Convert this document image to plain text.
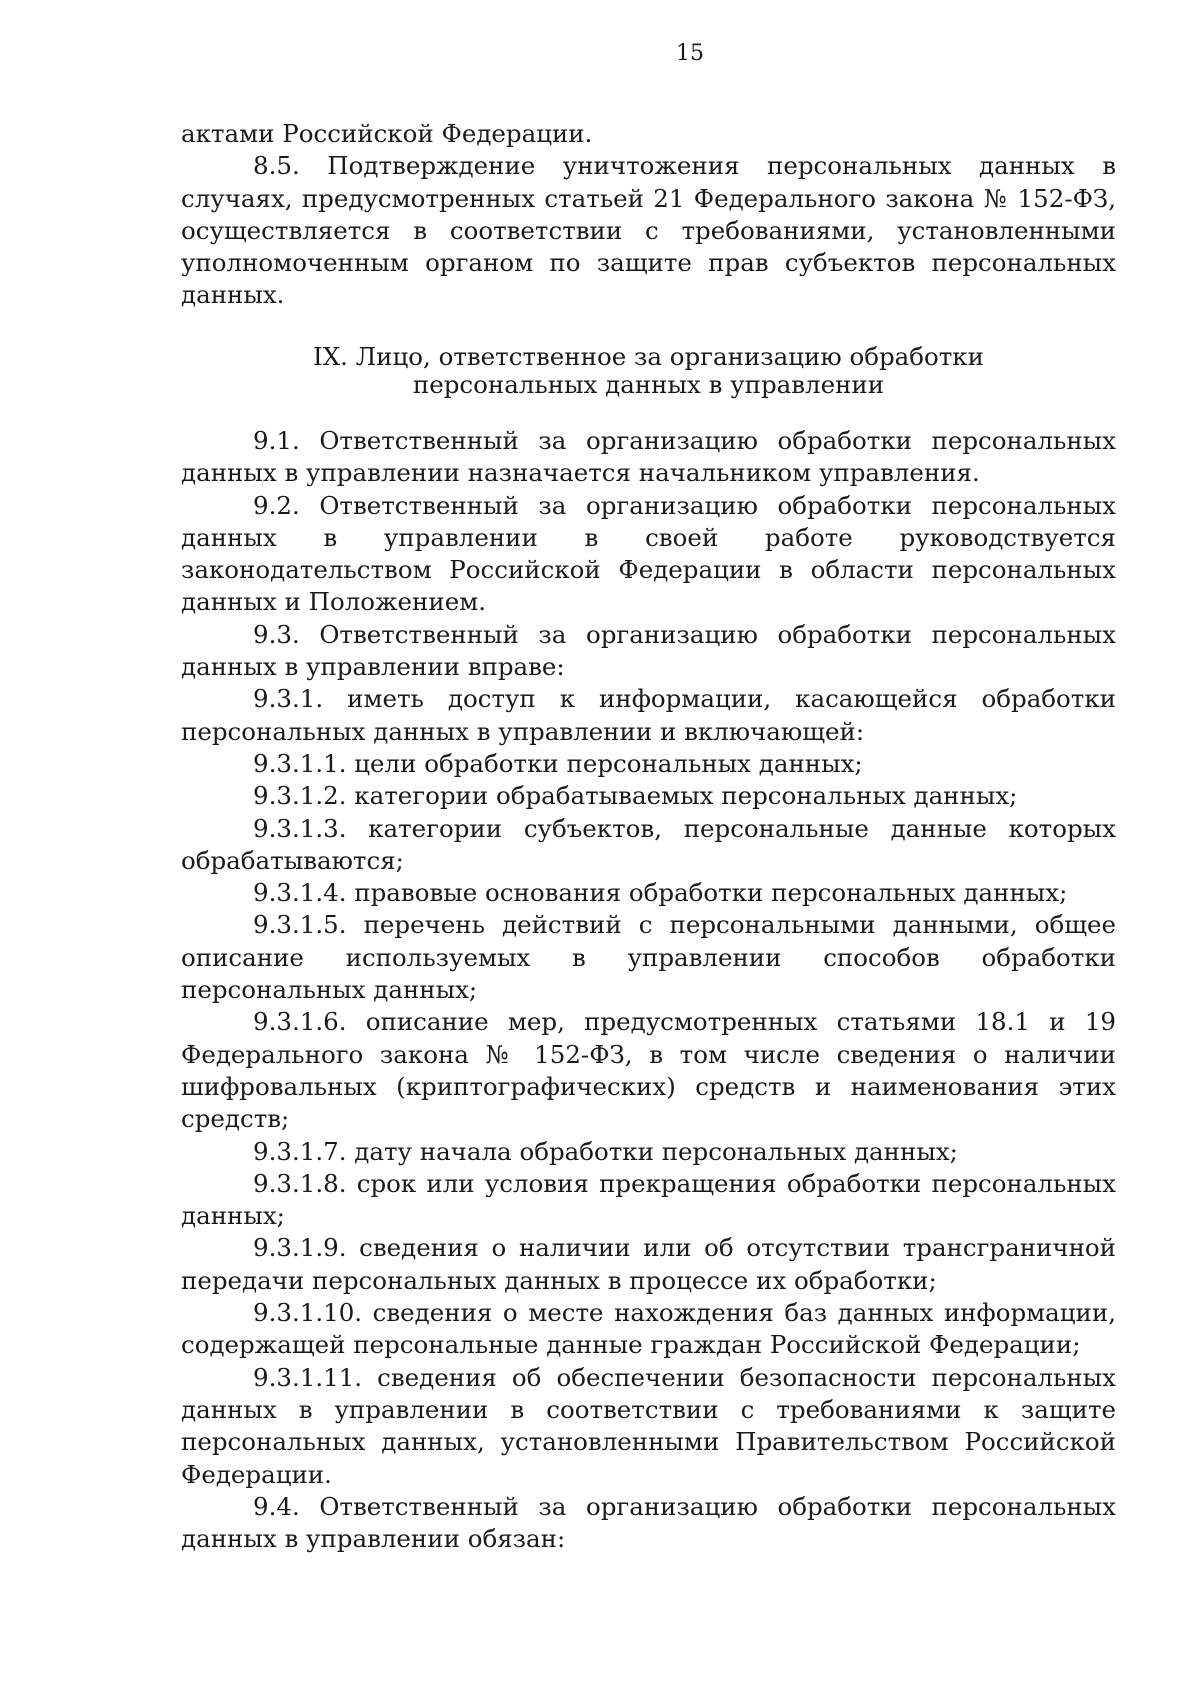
15

актами Российской Федерации.

8.5. Подтверждение уничтожения персональных данных в случаях, предусмотренных статьей 21 Федерального закона № 152-ФЗ, осуществляется в соответствии с требованиями, установленными уполномоченным органом по защите прав субъектов персональных данных.

IX. Лицо, ответственное за организацию обработки
персональных данных в управлении

9.1. Ответственный за организацию обработки персональных данных в управлении назначается начальником управления.

9.2. Ответственный за организацию обработки персональных данных в управлении в своей работе руководствуется законодательством Российской Федерации в области персональных данных и Положением.

9.3. Ответственный за организацию обработки персональных данных в управлении вправе:

9.3.1. иметь доступ к информации, касающейся обработки персональных данных в управлении и включающей:

9.3.1.1. цели обработки персональных данных;

9.3.1.2. категории обрабатываемых персональных данных;

9.3.1.3. категории субъектов, персональные данные которых обрабатываются;

9.3.1.4. правовые основания обработки персональных данных;

9.3.1.5. перечень действий с персональными данными, общее описание используемых в управлении способов обработки персональных данных;

9.3.1.6. описание мер, предусмотренных статьями 18.1 и 19 Федерального закона № 152-ФЗ, в том числе сведения о наличии шифровальных (криптографических) средств и наименования этих средств;

9.3.1.7. дату начала обработки персональных данных;

9.3.1.8. срок или условия прекращения обработки персональных данных;

9.3.1.9. сведения о наличии или об отсутствии трансграничной передачи персональных данных в процессе их обработки;

9.3.1.10. сведения о месте нахождения баз данных информации, содержащей персональные данные граждан Российской Федерации;

9.3.1.11. сведения об обеспечении безопасности персональных данных в управлении в соответствии с требованиями к защите персональных данных, установленными Правительством Российской Федерации.

9.4. Ответственный за организацию обработки персональных данных в управлении обязан:
